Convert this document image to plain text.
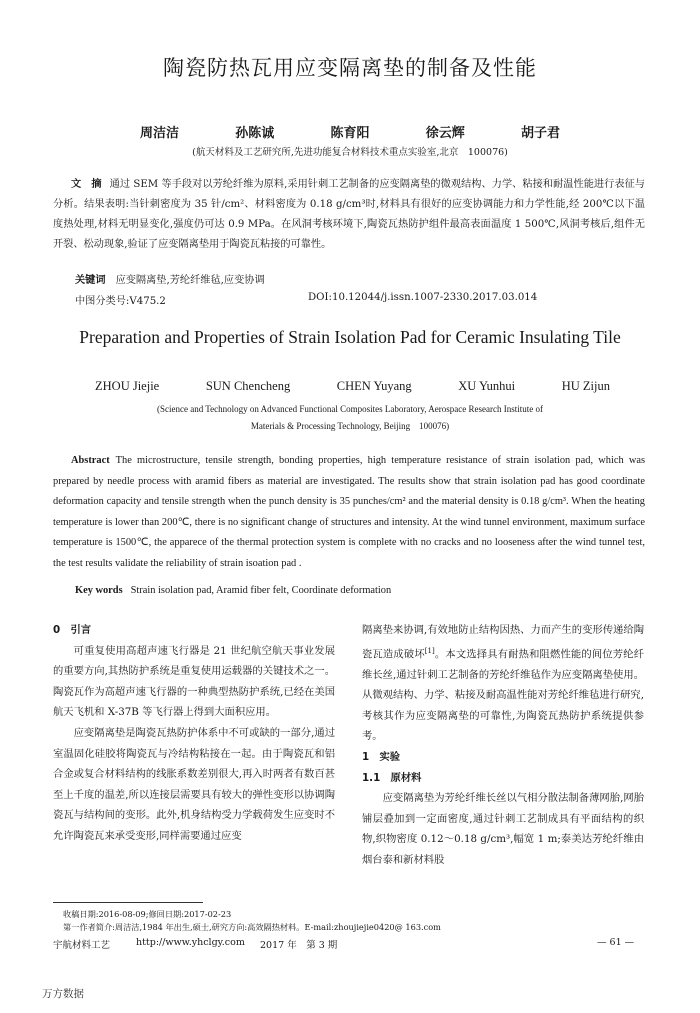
陶瓷防热瓦用应变隔离垫的制备及性能
周洁洁	孙陈诚	陈育阳	徐云辉	胡子君
(航天材料及工艺研究所,先进功能复合材料技术重点实验室,北京　100076)
文　摘 通过 SEM 等手段对以芳纶纤维为原料,采用针刺工艺制备的应变隔离垫的微观结构、力学、粘接和耐温性能进行表征与分析。结果表明:当针刺密度为 35 针/cm²、材料密度为 0.18 g/cm³时,材料具有很好的应变协调能力和力学性能,经 200℃以下温度热处理,材料无明显变化,强度仍可达 0.9 MPa。在风洞考核环境下,陶瓷瓦热防护组件最高表面温度 1 500℃,风洞考核后,组件无开裂、松动现象,验证了应变隔离垫用于陶瓷瓦粘接的可靠性。
关键词 应变隔离垫,芳纶纤维毡,应变协调
中图分类号:V475.2	DOI:10.12044/j.issn.1007-2330.2017.03.014
Preparation and Properties of Strain Isolation Pad for Ceramic Insulating Tile
ZHOU Jiejie	SUN Chencheng	CHEN Yuyang	XU Yunhui	HU Zijun
(Science and Technology on Advanced Functional Composites Laboratory, Aerospace Research Institute of
Materials & Processing Technology, Beijing　100076)
Abstract The microstructure, tensile strength, bonding properties, high temperature resistance of strain isolation pad, which was prepared by needle process with aramid fibers as material are investigated. The results show that strain isolation pad has good coordinate deformation capacity and tensile strength when the punch density is 35 punches/cm² and the material density is 0.18 g/cm³. When the heating temperature is lower than 200℃, there is no significant change of structures and intensity. At the wind tunnel environment, maximum surface temperature is 1500℃, the apparece of the thermal protection system is complete with no cracks and no looseness after the wind tunnel test, the test results validate the reliability of strain isoation pad .
Key words Strain isolation pad, Aramid fiber felt, Coordinate deformation

0　引言

可重复使用高超声速飞行器是 21 世纪航空航天事业发展的重要方向,其热防护系统是重复使用运载器的关键技术之一。陶瓷瓦作为高超声速飞行器的一种典型热防护系统,已经在美国航天飞机和 X-37B 等飞行器上得到大面积应用。

应变隔离垫是陶瓷瓦热防护体系中不可或缺的一部分,通过室温固化硅胶将陶瓷瓦与冷结构粘接在一起。由于陶瓷瓦和铝合金或复合材料结构的线胀系数差别很大,再入时两者有数百甚至上千度的温差,所以连接层需要具有较大的弹性变形以协调陶瓷瓦与结构间的变形。此外,机身结构受力学载荷发生应变时不允许陶瓷瓦来承受变形,同样需要通过应变

隔离垫来协调,有效地防止结构因热、力而产生的变形传递给陶瓷瓦造成破坏[1]。本文选择具有耐热和阻燃性能的间位芳纶纤维长丝,通过针刺工艺制备的芳纶纤维毡作为应变隔离垫使用。从微观结构、力学、粘接及耐高温性能对芳纶纤维毡进行研究,考核其作为应变隔离垫的可靠性,为陶瓷瓦热防护系统提供参考。

1　实验

1.1　原材料

应变隔离垫为芳纶纤维长丝以气相分散法制备薄网胎,网胎铺层叠加到一定面密度,通过针刺工艺制成具有平面结构的织物,织物密度 0.12～0.18 g/cm³,幅宽 1 m;泰美达芳纶纤维由烟台泰和新材料股

收稿日期:2016-08-09;修回日期:2017-02-23
第一作者简介:周洁洁,1984 年出生,硕士,研究方向:高效隔热材料。E-mail:zhoujiejie0420@ 163.com
宇航材料工艺	http://www.yhclgy.com 2017 年　第 3 期	— 61 —
万方数据
